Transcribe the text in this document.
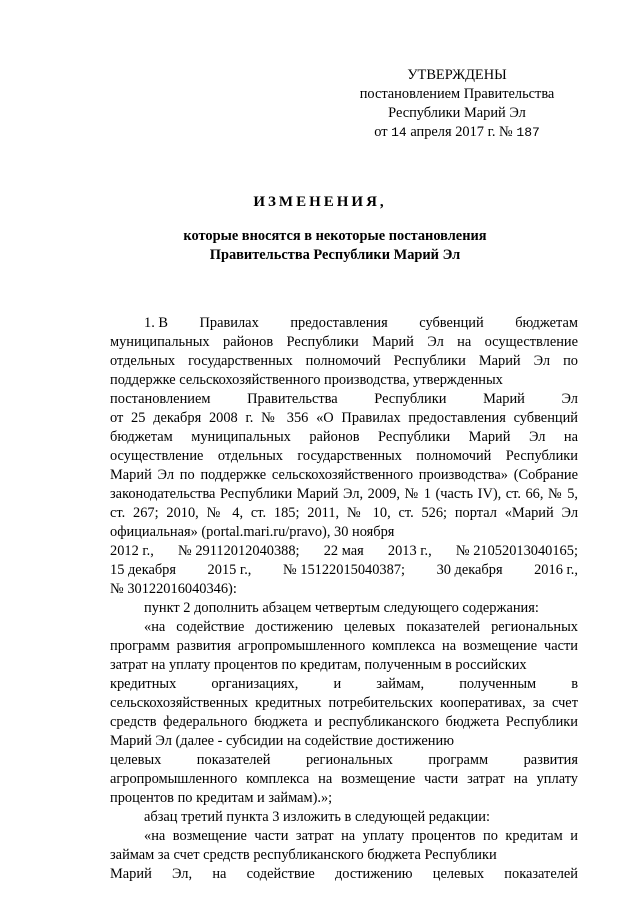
УТВЕРЖДЕНЫ
постановлением Правительства
Республики Марий Эл
от 14 апреля 2017 г. № 187
ИЗМЕНЕНИЯ,
которые вносятся в некоторые постановления
Правительства Республики Марий Эл
1. В Правилах предоставления субвенций бюджетам

муниципальных районов Республики Марий Эл на осуществление отдельных государственных полномочий Республики Марий Эл по поддержке сельскохозяйственного производства, утвержденных

постановлением	Правительства	Республики	Марий	Эл

от 25 декабря 2008 г. № 356 «О Правилах предоставления субвенций бюджетам муниципальных районов Республики Марий Эл на осуществление отдельных государственных полномочий Республики Марий Эл по поддержке сельскохозяйственного производства» (Собрание законодательства Республики Марий Эл, 2009, № 1 (часть IV), ст. 66, № 5, ст. 267; 2010, № 4, ст. 185; 2011, № 10, ст. 526; портал «Марий Эл официальная» (portal.mari.ru/pravo), 30 ноября

2012 г., № 29112012040388; 22 мая 2013 г., № 21052013040165;
15 декабря 2015 г., № 15122015040387; 30 декабря 2016 г.,

№ 30122016040346):

пункт 2 дополнить абзацем четвертым следующего содержания:

«на содействие достижению целевых показателей региональных программ развития агропромышленного комплекса на возмещение части затрат на уплату процентов по кредитам, полученным в российских

кредитных организациях, и займам, полученным в

сельскохозяйственных кредитных потребительских кооперативах, за счет средств федерального бюджета и республиканского бюджета Республики Марий Эл (далее - субсидии на содействие достижению

целевых показателей региональных программ развития

агропромышленного комплекса на возмещение части затрат на уплату процентов по кредитам и займам).»;

абзац третий пункта 3 изложить в следующей редакции:

«на возмещение части затрат на уплату процентов по кредитам и займам за счет средств республиканского бюджета Республики

Марий Эл, на содействие достижению целевых показателей
